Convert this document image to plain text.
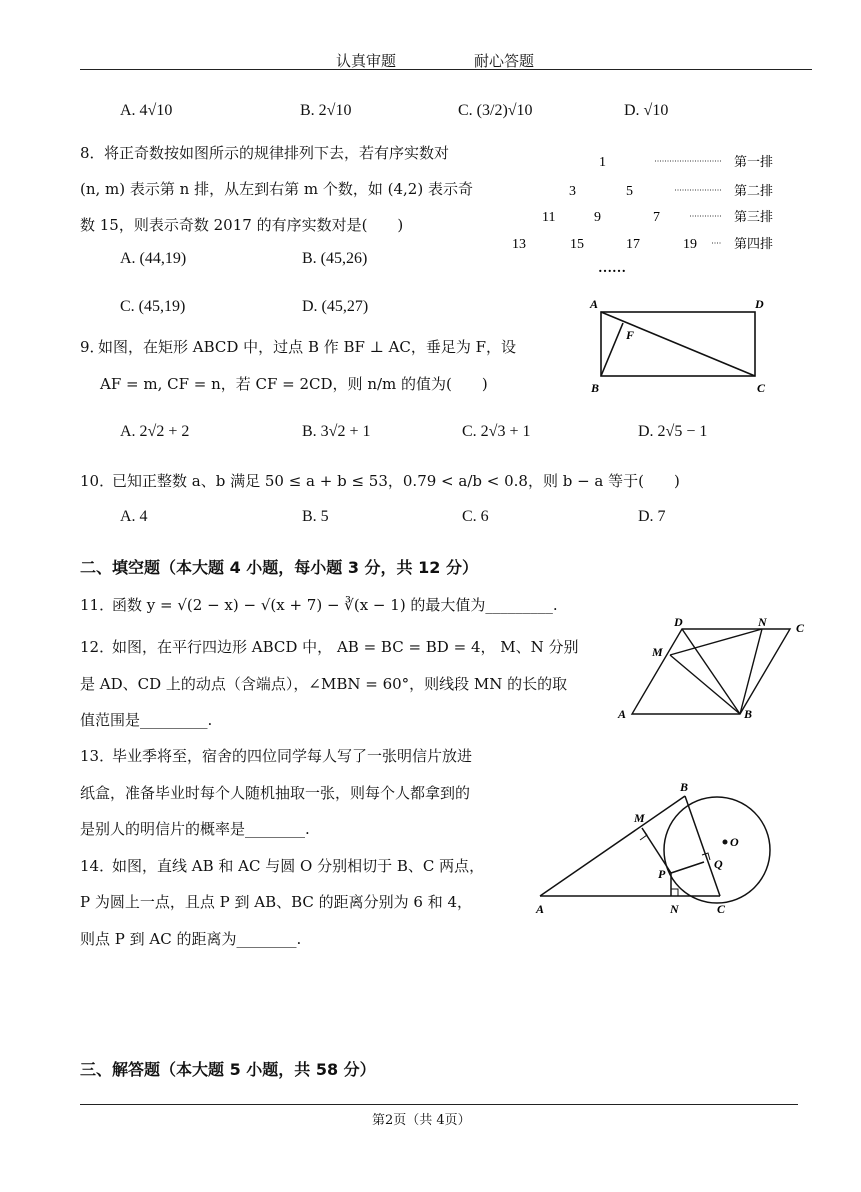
认真审题	耐心答题
A. 4√10	B. 2√10	C. (3/2)√10	D. √10
8． 将正奇数按如图所示的规律排列下去，若有序实数对
(n, m) 表示第 n 排，从左到右第 m 个数，如 (4,2) 表示奇
数 15，则表示奇数 2017 的有序实数对是(　　)
A. (44,19)	B. (45,26)
C. (45,19)	D. (45,27)
1
3	5
11	9	7
13	15	17	19
第一排
第二排
第三排
第四排
……
9．
如图，在矩形 ABCD 中，过点 B 作 BF ⊥ AC，垂足为 F，设
AF = m, CF = n，若 CF = 2CD，则 n/m 的值为(　　)
A. 2√2 + 2	B. 3√2 + 1	C. 2√3 + 1	D. 2√5 − 1
A	D
F
B	C
10．
已知正整数 a、b 满足 50 ≤ a + b ≤ 53，0.79 < a/b < 0.8，则 b − a 等于(　　)
A. 4	B. 5	C. 6	D. 7
二、填空题（本大题 4 小题，每小题 3 分，共 12 分）
11．
函数 y = √(2 − x) − √(x + 7) − ∛(x − 1) 的最大值为_________.
12．
如图，在平行四边形 ABCD 中， AB = BC = BD = 4， M、N 分别
是 AD、CD 上的动点（含端点），∠MBN = 60°，则线段 MN 的长的取
值范围是_________.
D	N C
M
A	B
13．
毕业季将至，宿舍的四位同学每人写了一张明信片放进
纸盒，准备毕业时每个人随机抽取一张，则每个人都拿到的
是别人的明信片的概率是________.
14．
如图，直线 AB 和 AC 与圆 O 分别相切于 B、C 两点，
P 为圆上一点，且点 P 到 AB、BC 的距离分别为 6 和 4，
则点 P 到 AC 的距离为________.
B
M
O
Q
P
A	N	C
三、解答题（本大题 5 小题，共 58 分）
第2页（共 4页）
